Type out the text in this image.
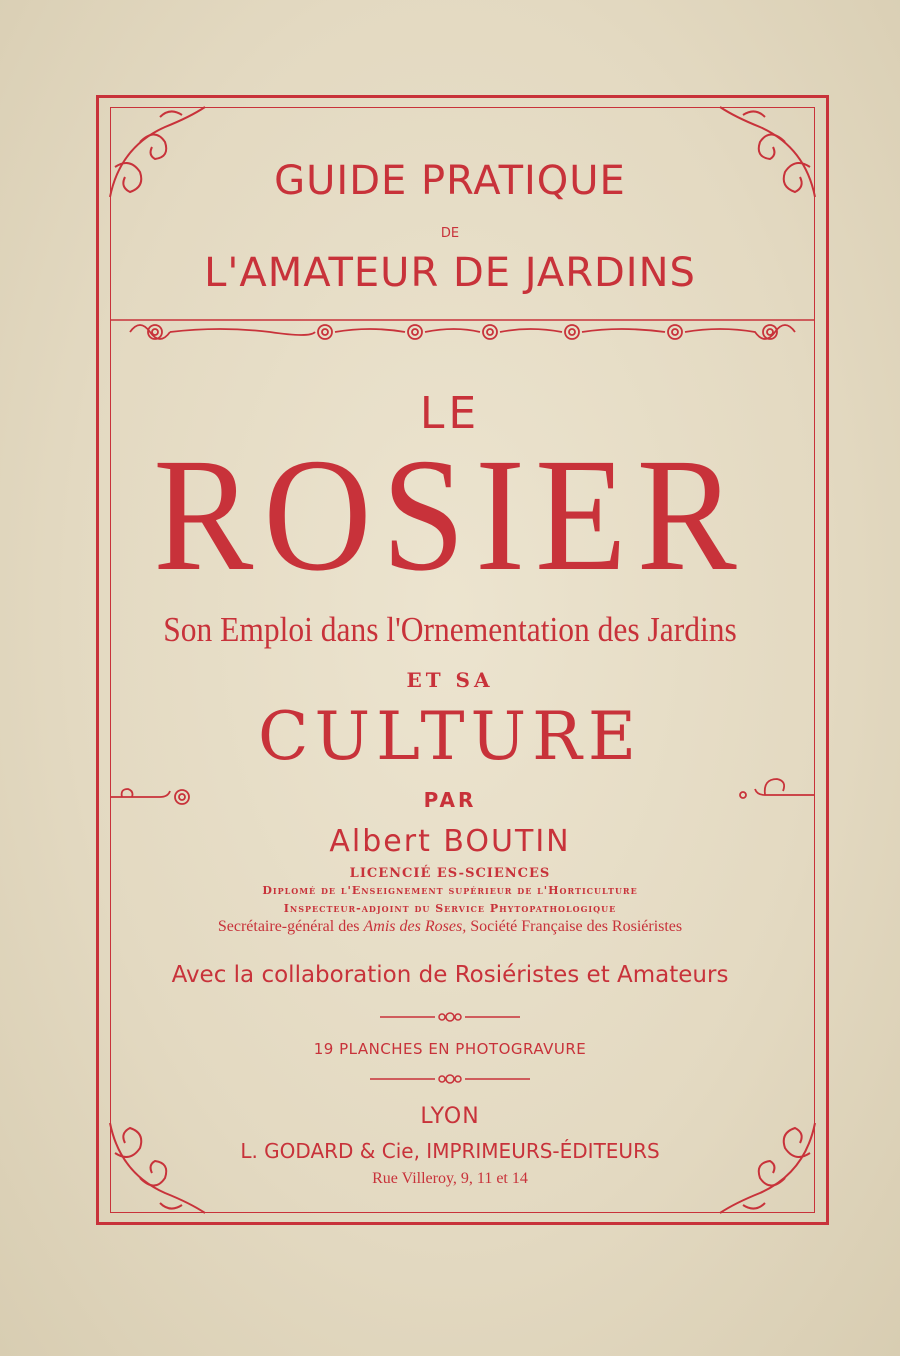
GUIDE PRATIQUE
DE
L'AMATEUR DE JARDINS
LE
ROSIER
Son Emploi dans l'Ornementation des Jardins
ET SA
CULTURE
PAR
Albert BOUTIN
LICENCIÉ ES-SCIENCES
Diplomé de l'Enseignement supérieur de l'Horticulture
Inspecteur-adjoint du Service Phytopathologique
Secrétaire-général des Amis des Roses, Société Française des Rosiéristes
Avec la collaboration de Rosiéristes et Amateurs
19 PLANCHES EN PHOTOGRAVURE
LYON
L. GODARD & Cie, IMPRIMEURS-ÉDITEURS
Rue Villeroy, 9, 11 et 14
